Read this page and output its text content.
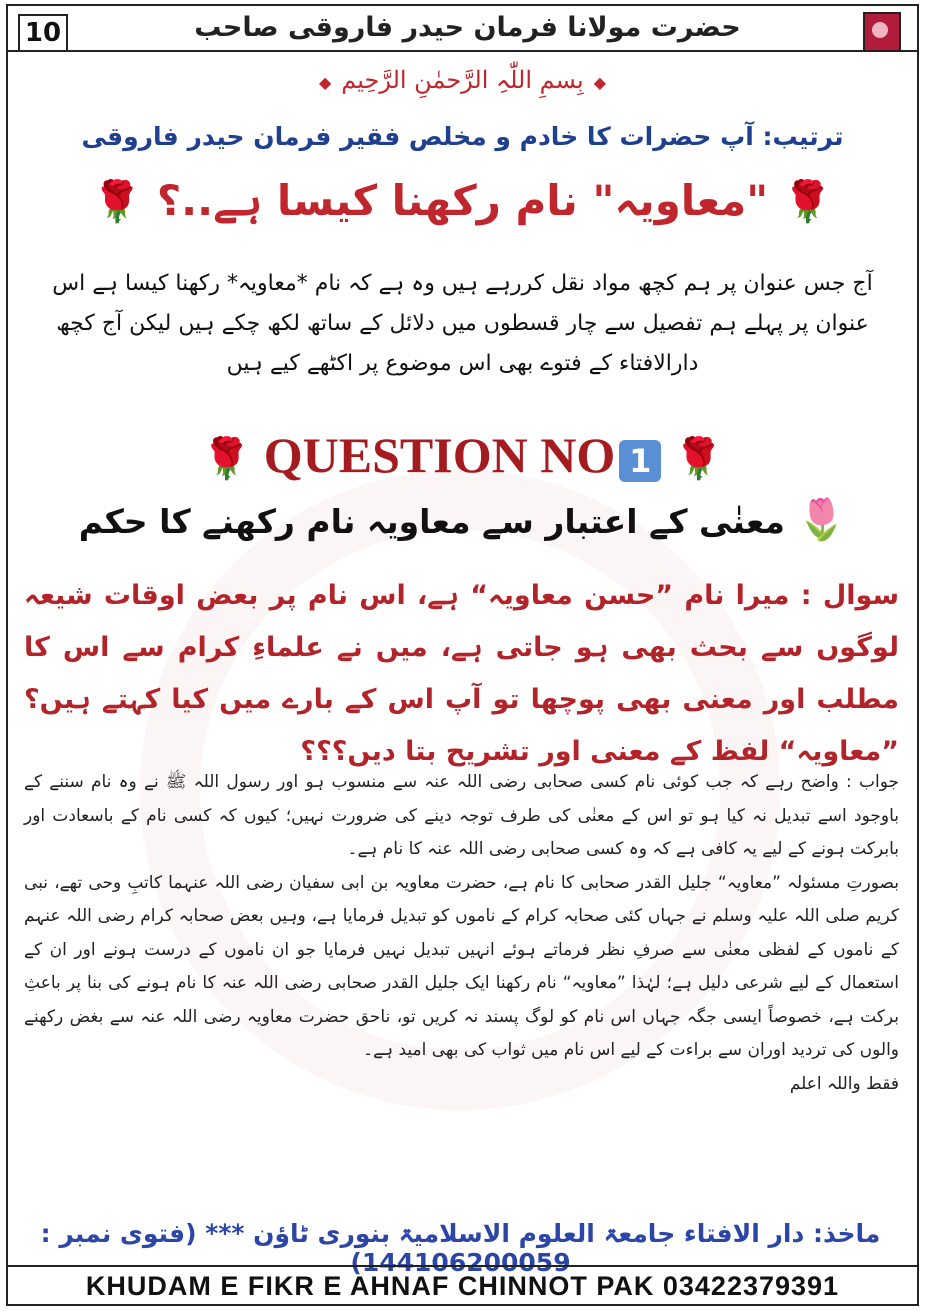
10	حضرت مولانا فرمان حیدر فاروقی صاحب
◆بِسمِ اللّٰہِ الرَّحمٰنِ الرَّحِیم◆
ترتیب: آپ حضرات کا خادم و مخلص فقیر فرمان حیدر فاروقی
🌹 "معاویہ" نام رکھنا کیسا ہے..؟ 🌹
آج جس عنوان پر ہم کچھ مواد نقل کررہے ہیں وہ ہے کہ نام *معاویہ* رکھنا کیسا ہے اس عنوان پر پہلے ہم تفصیل سے چار قسطوں میں دلائل کے ساتھ لکھ چکے ہیں لیکن آج کچھ دارالافتاء کے فتوے بھی اس موضوع پر اکٹھے کیے ہیں
🌹 QUESTION NO 1 🌹
🌷 معنٰی کے اعتبار سے معاویہ نام رکھنے کا حکم
سوال : میرا نام ”حسن معاویہ“ ہے، اس نام پر بعض اوقات شیعہ لوگوں سے بحث بھی ہو جاتی ہے، میں نے علماءِ کرام سے اس کا مطلب اور معنی بھی پوچھا تو آپ اس کے بارے میں کیا کہتے ہیں؟ ”معاویہ“ لفظ کے معنی اور تشریح بتا دیں؟؟؟

جواب : واضح رہے کہ جب کوئی نام کسی صحابی رضی اللہ عنہ سے منسوب ہو اور رسول اللہ ﷺ نے وہ نام سننے کے باوجود اسے تبدیل نہ کیا ہو تو اس کے معنٰی کی طرف توجہ دینے کی ضرورت نہیں؛ کیوں کہ کسی نام کے باسعادت اور بابرکت ہونے کے لیے یہ کافی ہے کہ وہ کسی صحابی رضی اللہ عنہ کا نام ہے۔

بصورتِ مسئولہ ”معاویہ“ جلیل القدر صحابی کا نام ہے، حضرت معاویہ بن ابی سفیان رضی اللہ عنہما کاتبِ وحی تھے، نبی کریم صلی اللہ علیہ وسلم نے جہاں کئی صحابہ کرام کے ناموں کو تبدیل فرمایا ہے، وہیں بعض صحابہ کرام رضی اللہ عنہم کے ناموں کے لفظی معنٰی سے صرفِ نظر فرماتے ہوئے انہیں تبدیل نہیں فرمایا جو ان ناموں کے درست ہونے اور ان کے استعمال کے لیے شرعی دلیل ہے؛ لہٰذا ”معاویہ“ نام رکھنا ایک جلیل القدر صحابی رضی اللہ عنہ کا نام ہونے کی بنا پر باعثِ برکت ہے، خصوصاً ایسی جگہ جہاں اس نام کو لوگ پسند نہ کریں تو، ناحق حضرت معاویہ رضی اللہ عنہ سے بغض رکھنے والوں کی تردید اوران سے براءت کے لیے اس نام میں ثواب کی بھی امید ہے۔

فقط واللہ اعلم

ماخذ: دار الافتاء جامعۃ العلوم الاسلامیۃ بنوری ٹاؤن *** (فتوی نمبر : 144106200059)
KHUDAM E FIKR E AHNAF CHINNOT PAK 03422379391
